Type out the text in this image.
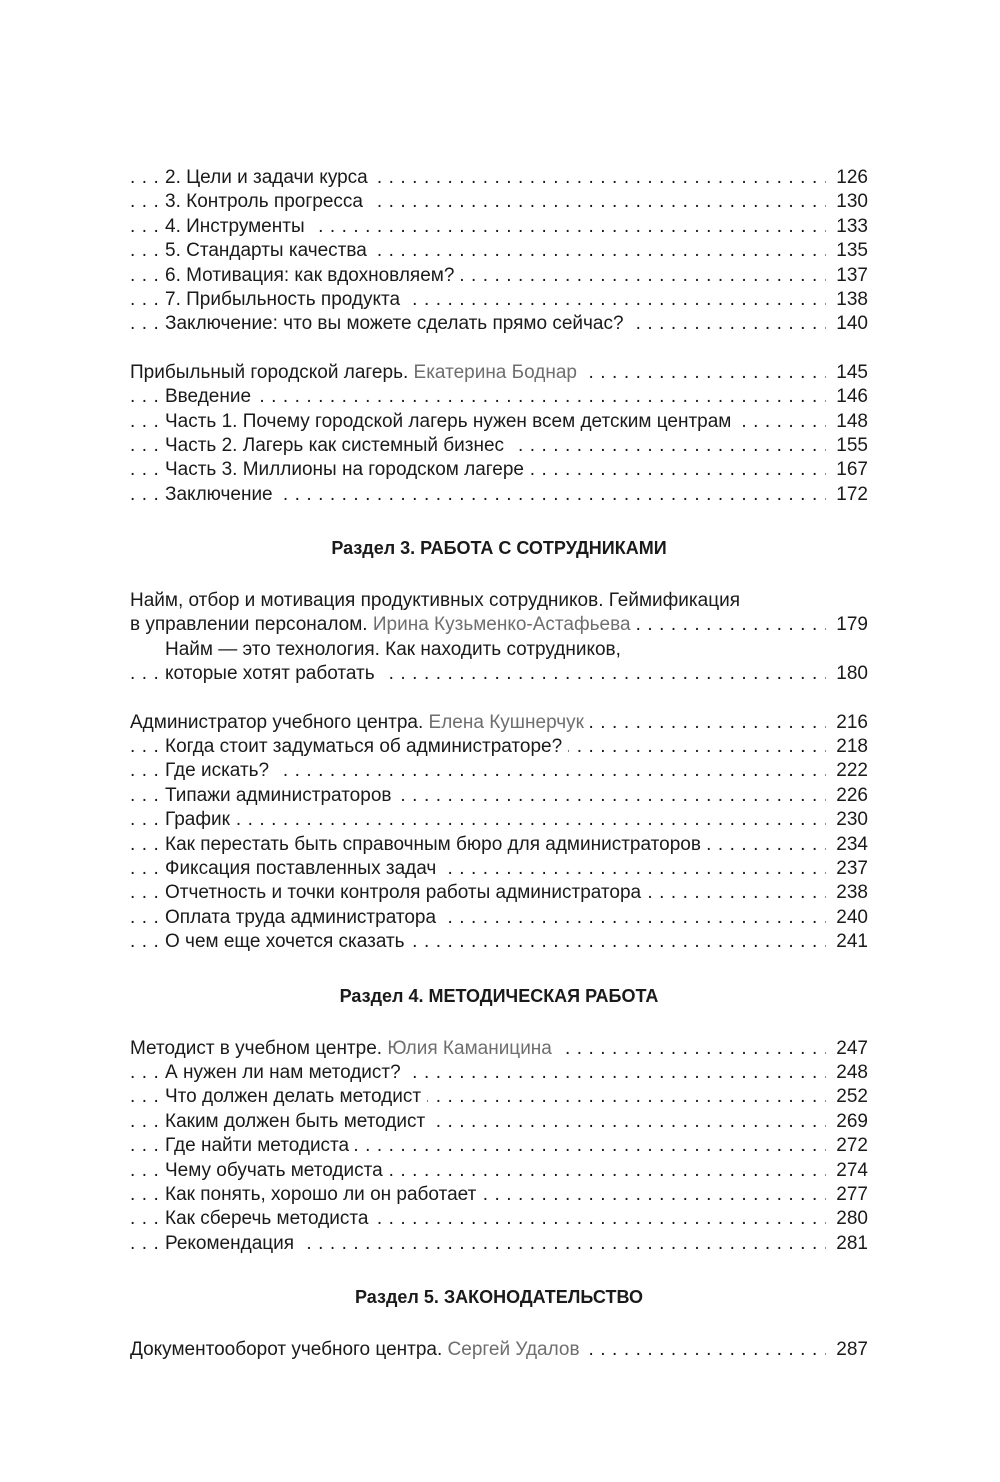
2. Цели и задачи курса . . .	126
3. Контроль прогресса . . .	130
4. Инструменты . . .	133
5. Стандарты качества . . .	135
6. Мотивация: как вдохновляем? . . .	137
7. Прибыльность продукта . . .	138
Заключение: что вы можете сделать прямо сейчас? . . .	140
Прибыльный городской лагерь. Екатерина Боднар . . .	145
Введение . . .	146
Часть 1. Почему городской лагерь нужен всем детским центрам . . .	148
Часть 2. Лагерь как системный бизнес . . .	155
Часть 3. Миллионы на городском лагере . . .	167
Заключение . . .	172
Раздел 3. РАБОТА С СОТРУДНИКАМИ
Найм, отбор и мотивация продуктивных сотрудников. Геймификация
в управлении персоналом. Ирина Кузьменко-Астафьева . . .	179
Найм — это технология. Как находить сотрудников,
которые хотят работать . . .	180
Администратор учебного центра. Елена Кушнерчук . . .	216
Когда стоит задуматься об администраторе? . . .	218
Где искать? . . .	222
Типажи администраторов . . .	226
График . . .	230
Как перестать быть справочным бюро для администраторов . . .	234
Фиксация поставленных задач . . .	237
Отчетность и точки контроля работы администратора . . .	238
Оплата труда администратора . . .	240
О чем еще хочется сказать . . .	241
Раздел 4. МЕТОДИЧЕСКАЯ РАБОТА
Методист в учебном центре. Юлия Каманицина . . .	247
А нужен ли нам методист? . . .	248
Что должен делать методист . . .	252
Каким должен быть методист . . .	269
Где найти методиста . . .	272
Чему обучать методиста . . .	274
Как понять, хорошо ли он работает . . .	277
Как сберечь методиста . . .	280
Рекомендация . . .	281
Раздел 5. ЗАКОНОДАТЕЛЬСТВО
Документооборот учебного центра. Сергей Удалов . . .	287
